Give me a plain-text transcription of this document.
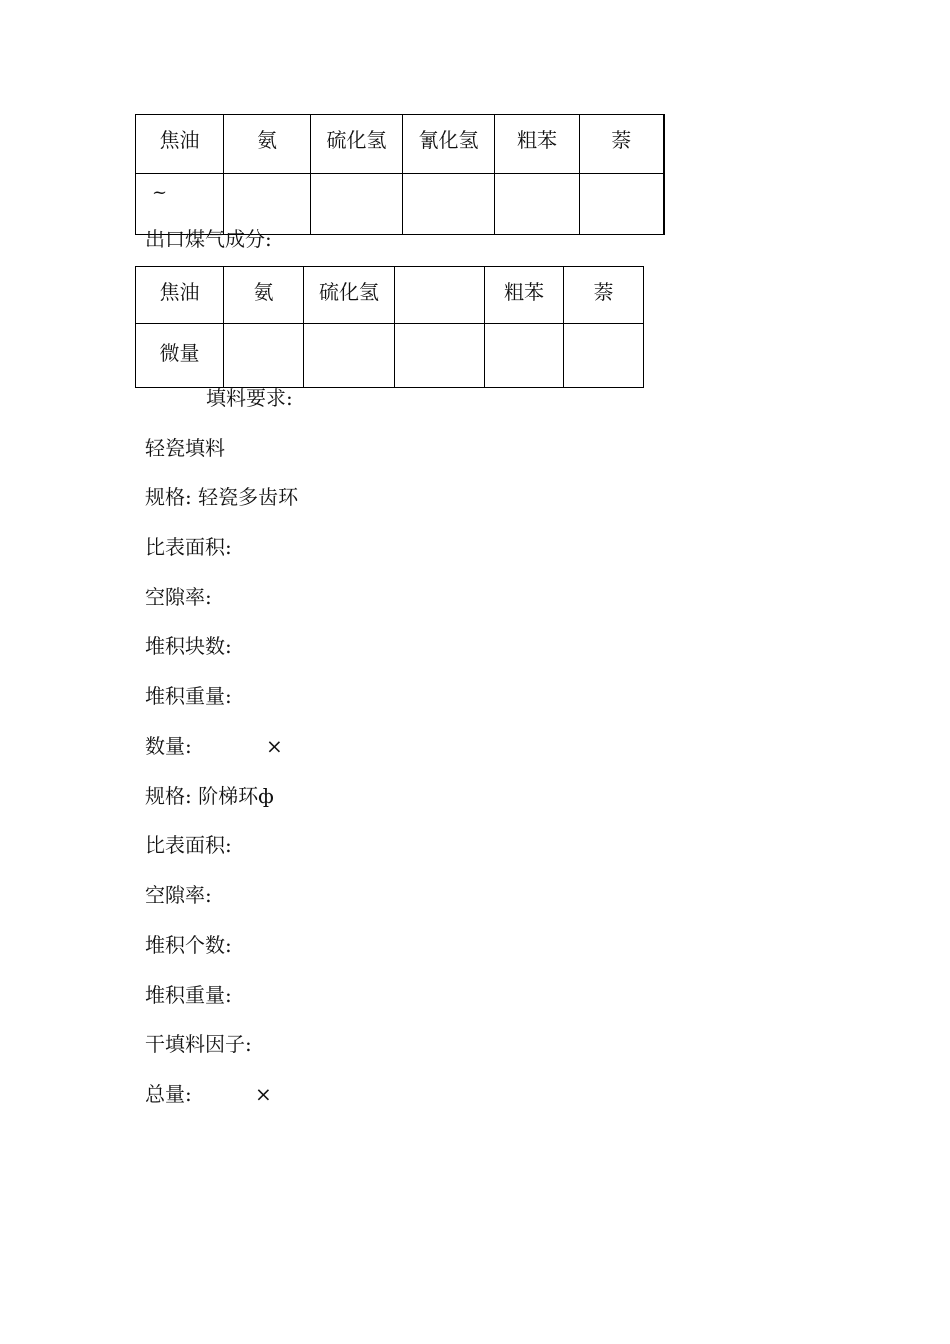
焦油	氨	硫化氢	氰化氢	粗苯	萘
~					
出口煤气成分:
焦油	氨	硫化氢		粗苯	萘
微量					
填料要求:
轻瓷填料
规格: 轻瓷多齿环
比表面积:
空隙率:
堆积块数:
堆积重量:
数量:	×
规格: 阶梯环ф
比表面积:
空隙率:
堆积个数:
堆积重量:
干填料因子:
总量:	×
